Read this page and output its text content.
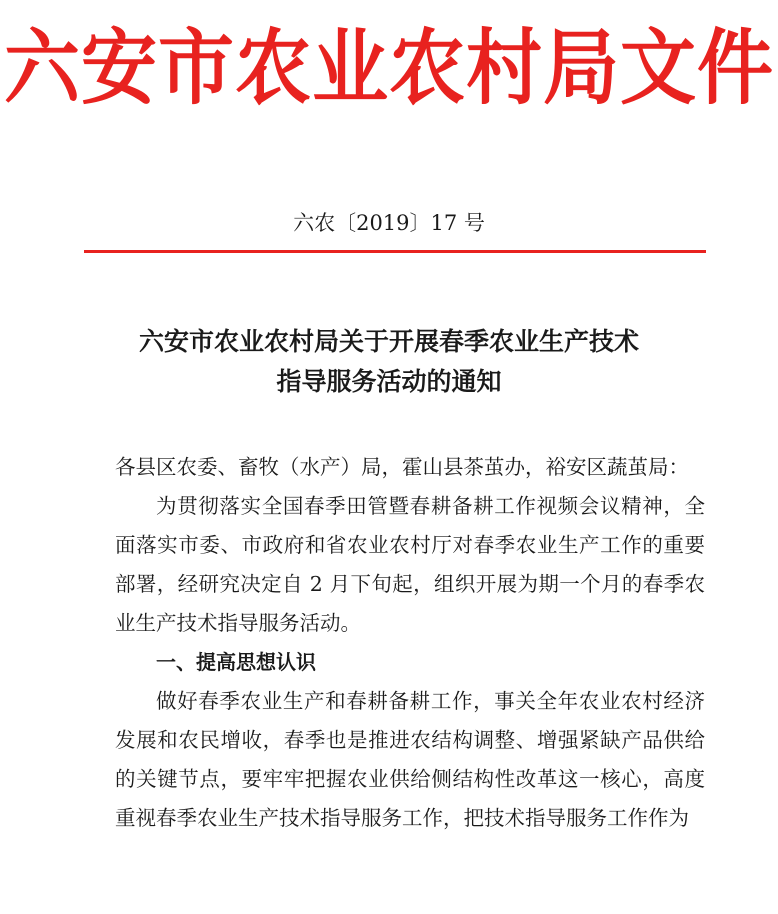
六安市农业农村局文件
六农〔2019〕17 号
六安市农业农村局关于开展春季农业生产技术
指导服务活动的通知

各县区农委、畜牧（水产）局，霍山县茶茧办，裕安区蔬茧局：

为贯彻落实全国春季田管暨春耕备耕工作视频会议精神，全面落实市委、市政府和省农业农村厅对春季农业生产工作的重要部署，经研究决定自 2 月下旬起，组织开展为期一个月的春季农业生产技术指导服务活动。

一、提高思想认识

做好春季农业生产和春耕备耕工作，事关全年农业农村经济发展和农民增收，春季也是推进农结构调整、增强紧缺产品供给的关键节点，要牢牢把握农业供给侧结构性改革这一核心，高度重视春季农业生产技术指导服务工作，把技术指导服务工作作为
